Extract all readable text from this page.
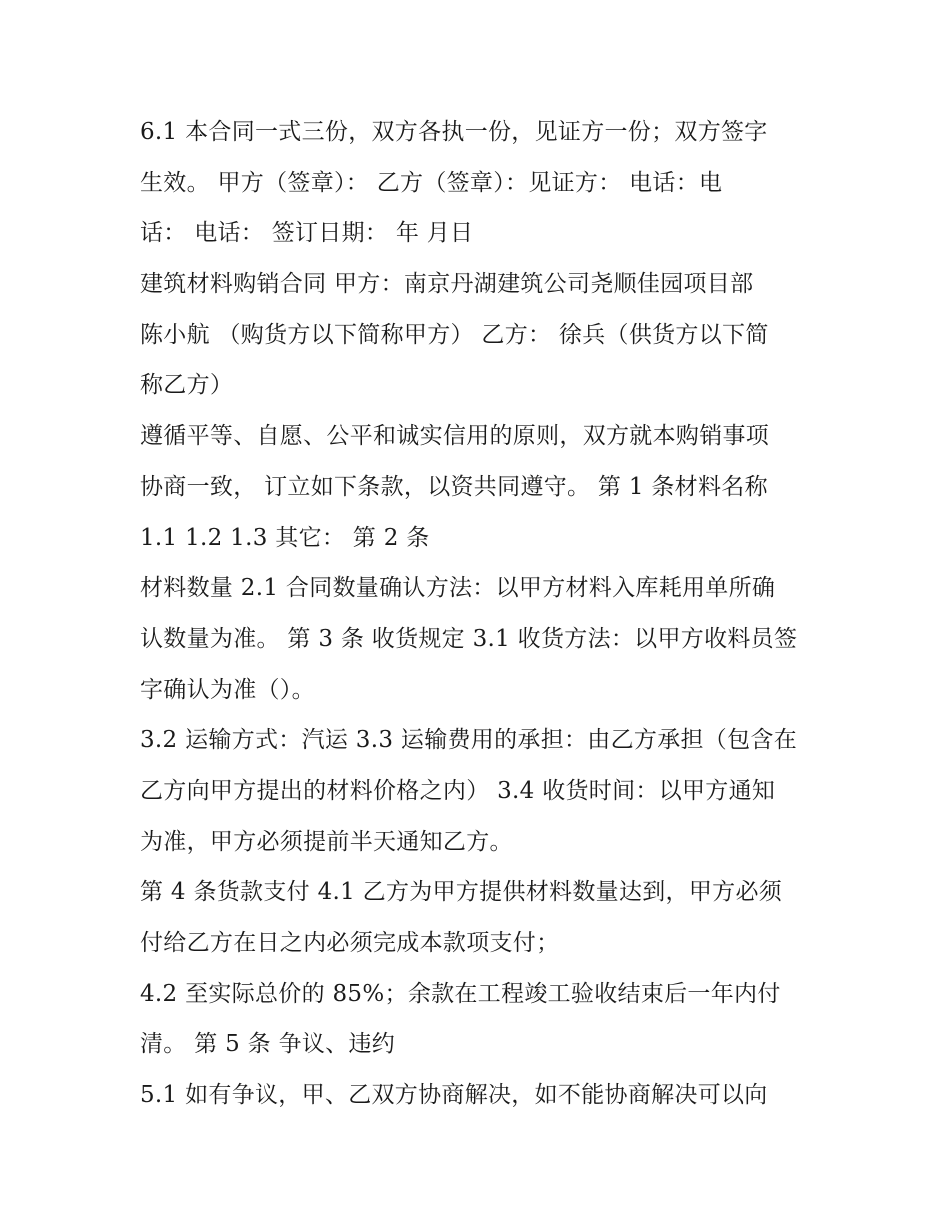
6.1 本合同一式三份，双方各执一份，见证方一份；双方签字
生效。 甲方（签章）： 乙方（签章）：见证方： 电话：电
话： 电话： 签订日期： 年 月日
建筑材料购销合同 甲方：南京丹湖建筑公司尧顺佳园项目部
陈小航 （购货方以下简称甲方） 乙方： 徐兵（供货方以下简
称乙方）
遵循平等、自愿、公平和诚实信用的原则，双方就本购销事项
协商一致， 订立如下条款，以资共同遵守。 第 1 条材料名称
1.1 1.2 1.3 其它： 第 2 条
材料数量 2.1 合同数量确认方法：以甲方材料入库耗用单所确
认数量为准。 第 3 条 收货规定 3.1 收货方法：以甲方收料员签
字确认为准（）。
3.2 运输方式：汽运 3.3 运输费用的承担：由乙方承担（包含在
乙方向甲方提出的材料价格之内） 3.4 收货时间：以甲方通知
为准，甲方必须提前半天通知乙方。
第 4 条货款支付 4.1 乙方为甲方提供材料数量达到，甲方必须
付给乙方在日之内必须完成本款项支付；
4.2 至实际总价的 85%；余款在工程竣工验收结束后一年内付
清。 第 5 条 争议、违约
5.1 如有争议，甲、乙双方协商解决，如不能协商解决可以向
